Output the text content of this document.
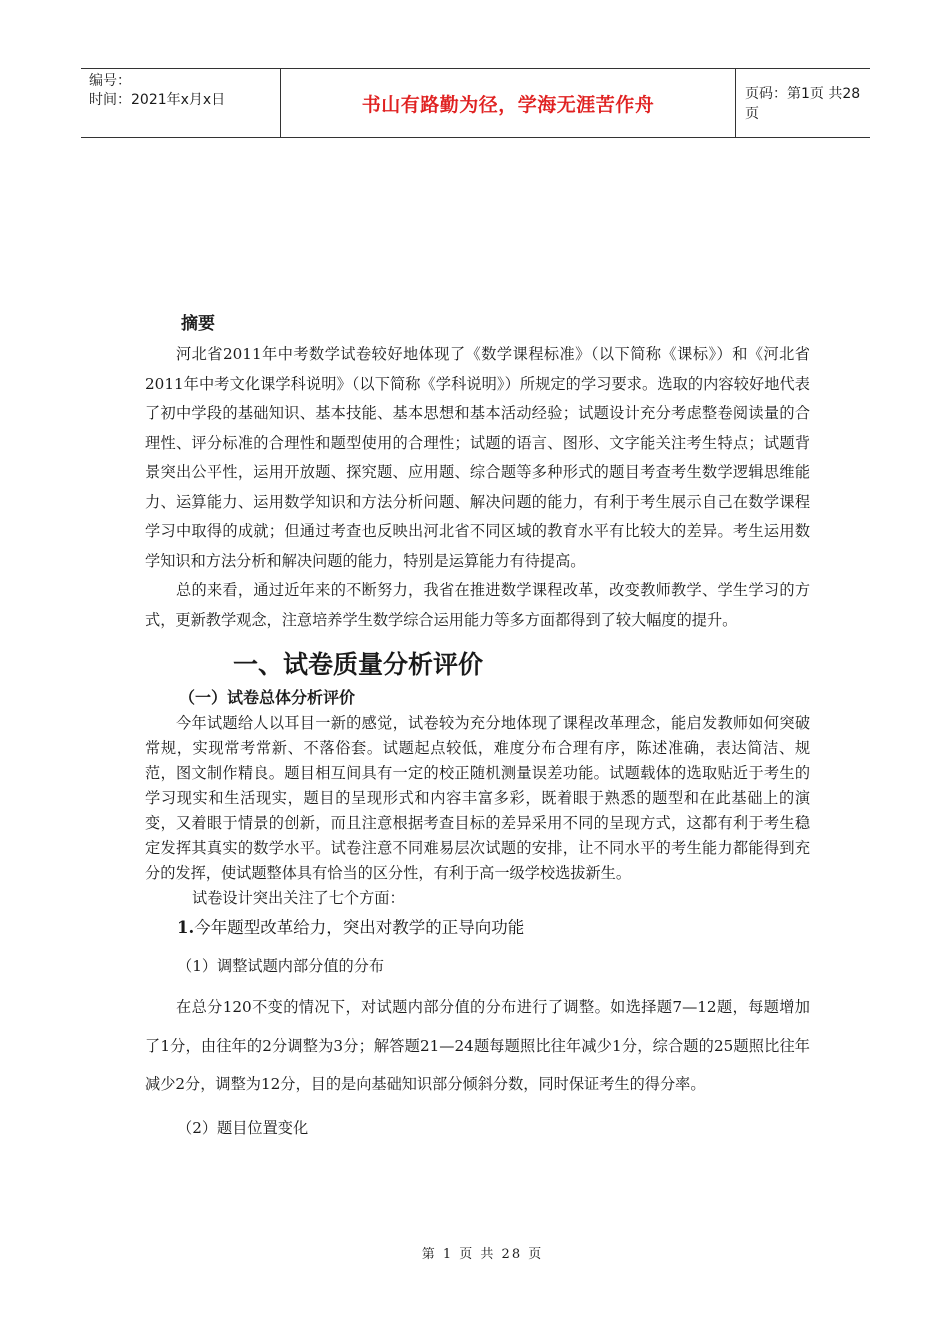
编号：
时间：2021年x月x日	书山有路勤为径，学海无涯苦作舟	页码：第1页 共28页
摘要

河北省2011年中考数学试卷较好地体现了《数学课程标准》（以下简称《课标》）和《河北省2011年中考文化课学科说明》（以下简称《学科说明》）所规定的学习要求。选取的内容较好地代表了初中学段的基础知识、基本技能、基本思想和基本活动经验；试题设计充分考虑整卷阅读量的合理性、评分标准的合理性和题型使用的合理性；试题的语言、图形、文字能关注考生特点；试题背景突出公平性，运用开放题、探究题、应用题、综合题等多种形式的题目考查考生数学逻辑思维能力、运算能力、运用数学知识和方法分析问题、解决问题的能力，有利于考生展示自己在数学课程学习中取得的成就；但通过考查也反映出河北省不同区域的教育水平有比较大的差异。考生运用数学知识和方法分析和解决问题的能力，特别是运算能力有待提高。

总的来看，通过近年来的不断努力，我省在推进数学课程改革，改变教师教学、学生学习的方式，更新教学观念，注意培养学生数学综合运用能力等多方面都得到了较大幅度的提升。

一、试卷质量分析评价
（一）试卷总体分析评价

今年试题给人以耳目一新的感觉，试卷较为充分地体现了课程改革理念，能启发教师如何突破常规，实现常考常新、不落俗套。试题起点较低，难度分布合理有序，陈述准确，表达简洁、规范，图文制作精良。题目相互间具有一定的校正随机测量误差功能。试题载体的选取贴近于考生的学习现实和生活现实，题目的呈现形式和内容丰富多彩，既着眼于熟悉的题型和在此基础上的演变，又着眼于情景的创新，而且注意根据考查目标的差异采用不同的呈现方式，这都有利于考生稳定发挥其真实的数学水平。试卷注意不同难易层次试题的安排，让不同水平的考生能力都能得到充分的发挥，使试题整体具有恰当的区分性，有利于高一级学校选拔新生。

试卷设计突出关注了七个方面：

1.今年题型改革给力，突出对教学的正导向功能
（1）调整试题内部分值的分布

在总分120不变的情况下，对试题内部分值的分布进行了调整。如选择题7—12题，每题增加了1分，由往年的2分调整为3分；解答题21—24题每题照比往年减少1分，综合题的25题照比往年减少2分，调整为12分，目的是向基础知识部分倾斜分数，同时保证考生的得分率。

（2）题目位置变化
第 1 页 共 28 页
